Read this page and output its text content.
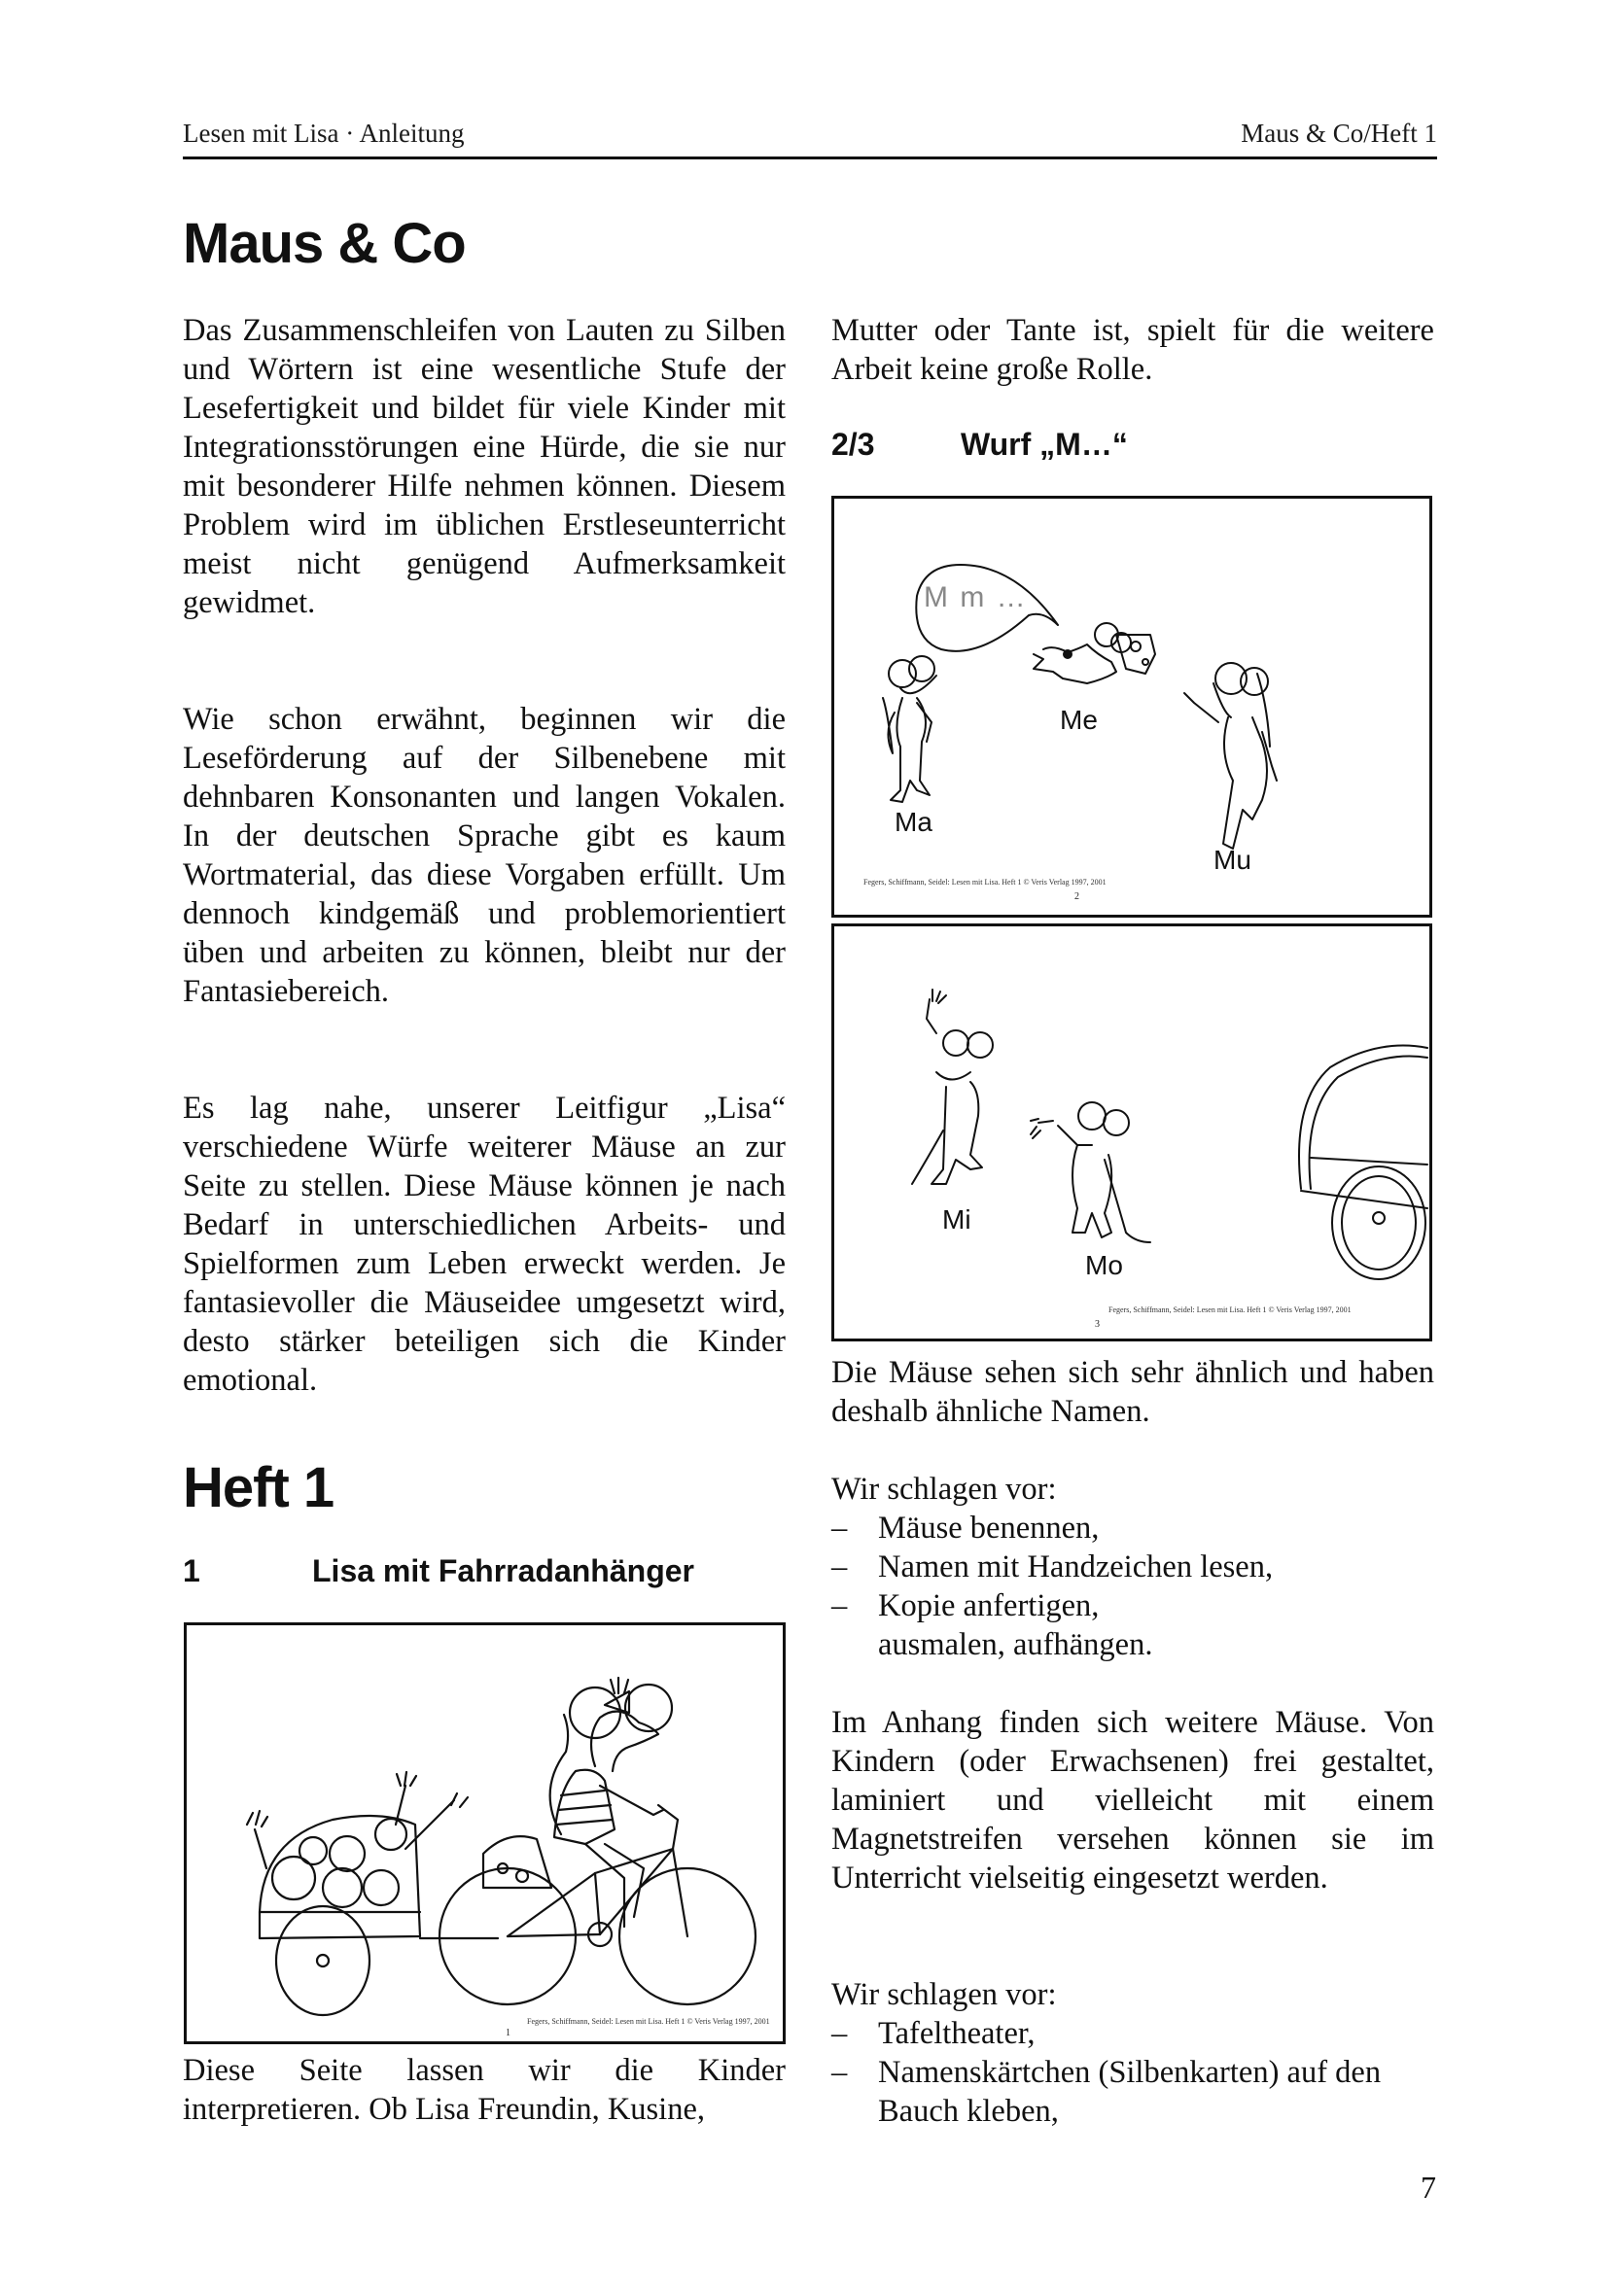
Lesen mit Lisa · Anleitung	Maus & Co/Heft 1
Maus & Co

Das Zusammenschleifen von Lauten zu Silben und Wörtern ist eine wesentliche Stufe der Lesefertigkeit und bildet für viele Kinder mit Integrationsstörungen eine Hürde, die sie nur mit besonderer Hilfe nehmen können. Diesem Problem wird im üblichen Erstleseunterricht meist nicht genügend Aufmerksamkeit gewidmet.

Wie schon erwähnt, beginnen wir die Leseförderung auf der Silbenebene mit dehnbaren Konsonanten und langen Vokalen. In der deutschen Sprache gibt es kaum Wortmaterial, das diese Vorgaben erfüllt. Um dennoch kindgemäß und problemorientiert üben und arbeiten zu können, bleibt nur der Fantasiebereich.

Es lag nahe, unserer Leitfigur „Lisa“ verschiedene Würfe weiterer Mäuse an zur Seite zu stellen. Diese Mäuse können je nach Bedarf in unterschiedlichen Arbeits- und Spielformen zum Leben erweckt werden. Je fantasievoller die Mäuseidee umgesetzt wird, desto stärker beteiligen sich die Kinder emotional.

Heft 1
1	Lisa mit Fahrradanhänger
Fegers, Schiffmann, Seidel: Lesen mit Lisa. Heft 1 © Veris Verlag 1997, 2001
1

Diese Seite lassen wir die Kinder interpretieren. Ob Lisa Freundin, Kusine,

Mutter oder Tante ist, spielt für die weitere Arbeit keine große Rolle.

2/3	Wurf „M…“
M m …
Ma
Me
Mu
Fegers, Schiffmann, Seidel: Lesen mit Lisa. Heft 1 © Veris Verlag 1997, 2001
2
Mi
Mo
Fegers, Schiffmann, Seidel: Lesen mit Lisa. Heft 1 © Veris Verlag 1997, 2001
3

Die Mäuse sehen sich sehr ähnlich und haben deshalb ähnliche Namen.

Wir schlagen vor:

– Mäuse benennen,
– Namen mit Handzeichen lesen,
– Kopie anfertigen, ausmalen, aufhängen.

Im Anhang finden sich weitere Mäuse. Von Kindern (oder Erwachsenen) frei gestaltet, laminiert und vielleicht mit einem Magnetstreifen versehen können sie im Unterricht vielseitig eingesetzt werden.

Wir schlagen vor:

– Tafeltheater,
– Namenskärtchen (Silbenkarten) auf den Bauch kleben,
7
